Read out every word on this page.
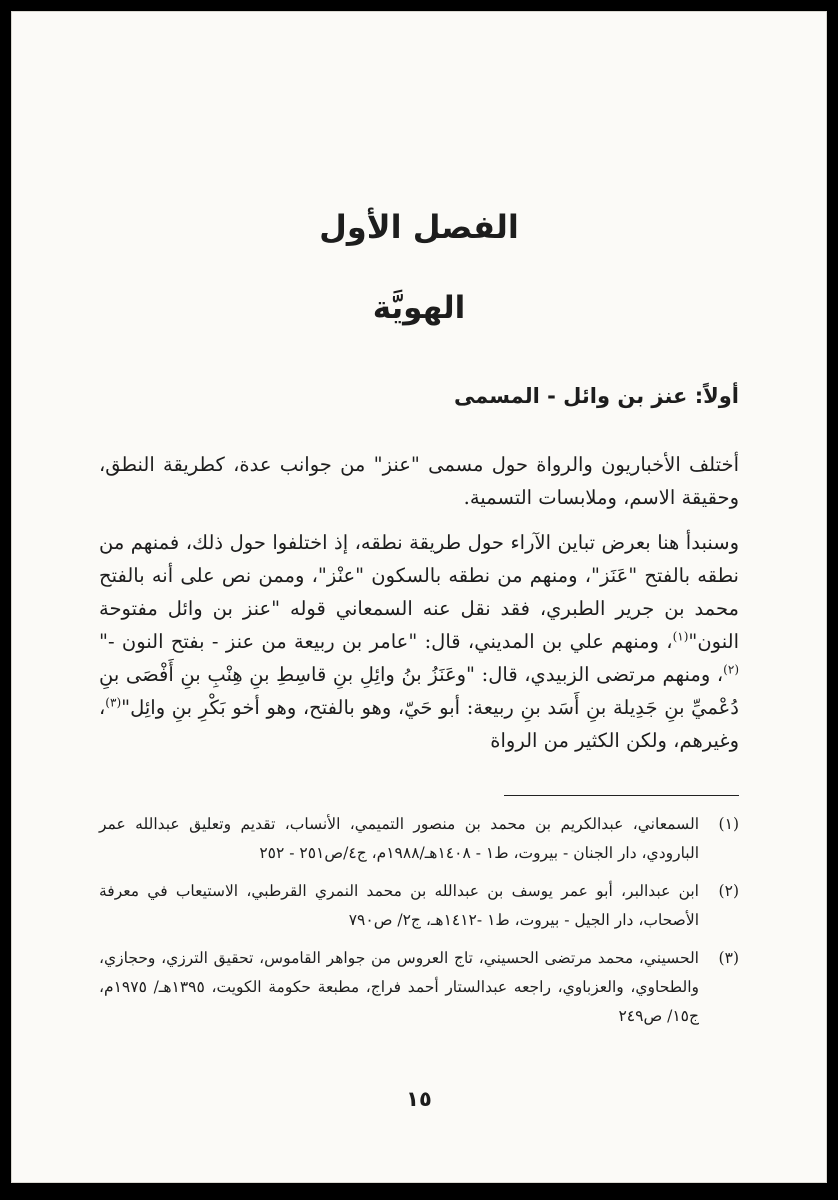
الفصل الأول
الهويَّة
أولاً: عنز بن وائل - المسمى

أختلف الأخباريون والرواة حول مسمى "عنز" من جوانب عدة، كطريقة النطق، وحقيقة الاسم، وملابسات التسمية.

وسنبدأ هنا بعرض تباين الآراء حول طريقة نطقه، إذ اختلفوا حول ذلك، فمنهم من نطقه بالفتح "عَنَز"، ومنهم من نطقه بالسكون "عنْز"، وممن نص على أنه بالفتح محمد بن جرير الطبري، فقد نقل عنه السمعاني قوله "عنز بن وائل مفتوحة النون"$^{(١)}$، ومنهم علي بن المديني، قال: "عامر بن ربيعة من عنز - بفتح النون -"$^{(٢)}$، ومنهم مرتضى الزبيدي، قال: "وعَنَزُ بنُ وائِلِ بنِ قاسِطِ بنِ هِنْبِ بنِ أَفْصَى بنِ دُعْميِّ بنِ جَدِيلة بنِ أَسَد بنِ ربيعة: أبو حَيّ، وهو بالفتح، وهو أخو بَكْرِ بنِ وائِل"$^{(٣)}$، وغيرهم، ولكن الكثير من الرواة

(١)
السمعاني، عبدالكريم بن محمد بن منصور التميمي، الأنساب، تقديم وتعليق عبدالله عمر البارودي، دار الجنان - بيروت، ط١ - ١٤٠٨هـ/١٩٨٨م، ج٤/ص٢٥١ - ٢٥٢
(٢)
ابن عبدالبر، أبو عمر يوسف بن عبدالله بن محمد النمري القرطبي، الاستيعاب في معرفة الأصحاب، دار الجيل - بيروت، ط١ -١٤١٢هـ، ج٢/ ص٧٩٠
(٣)
الحسيني، محمد مرتضى الحسيني، تاج العروس من جواهر القاموس، تحقيق الترزي، وحجازي، والطحاوي، والعزباوي، راجعه عبدالستار أحمد فراج، مطبعة حكومة الكويت، ١٣٩٥هـ/ ١٩٧٥م، ج١٥/ ص٢٤٩
١٥
